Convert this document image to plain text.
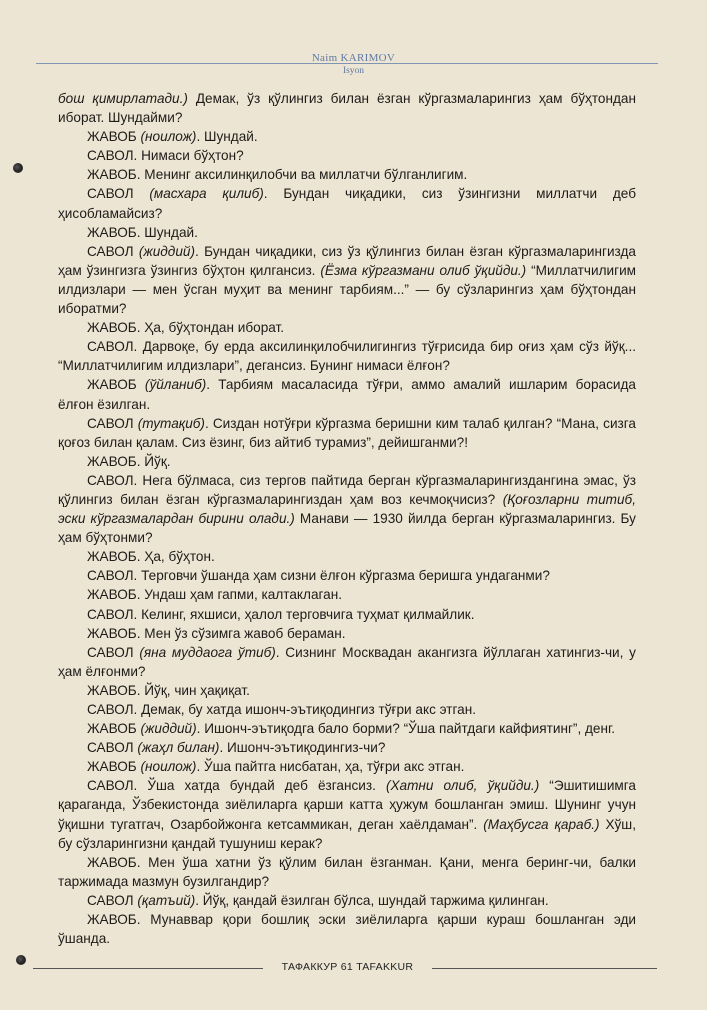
Naim KARIMOV
Isyon

бош қимирлатади.) Демак, ўз қўлингиз билан ёзган кўргазмаларингиз ҳам бўҳтондан иборат. Шундайми?

ЖАВОБ (ноилож). Шундай.

САВОЛ. Нимаси бўҳтон?

ЖАВОБ. Менинг аксилинқилобчи ва миллатчи бўлганлигим.

САВОЛ (масхара қилиб). Бундан чиқадики, сиз ўзингизни миллатчи деб ҳисобламайсиз?

ЖАВОБ. Шундай.

САВОЛ (жиддий). Бундан чиқадики, сиз ўз қўлингиз билан ёзган кўргазмаларингизда ҳам ўзингизга ўзингиз бўҳтон қилгансиз. (Ёзма кўргазмани олиб ўқийди.) “Миллатчилигим илдизлари — мен ўсган муҳит ва менинг тарбиям...” — бу сўзларингиз ҳам бўҳтондан иборатми?

ЖАВОБ. Ҳа, бўҳтондан иборат.

САВОЛ. Дарвоқе, бу ерда аксилинқилобчилигингиз тўғрисида бир оғиз ҳам сўз йўқ... “Миллатчилигим илдизлари”, дегансиз. Бунинг нимаси ёлғон?

ЖАВОБ (ўйланиб). Тарбиям масаласида тўғри, аммо амалий ишларим борасида ёлғон ёзилган.

САВОЛ (тутақиб). Сиздан нотўғри кўргазма беришни ким талаб қилган? “Мана, сизга қоғоз билан қалам. Сиз ёзинг, биз айтиб турамиз”, дейишганми?!

ЖАВОБ. Йўқ.

САВОЛ. Нега бўлмаса, сиз тергов пайтида берган кўргазмаларингиздангина эмас, ўз қўлингиз билан ёзган кўргазмаларингиздан ҳам воз кечмоқчисиз? (Қоғозларни титиб, эски кўргазмалардан бирини олади.) Манави — 1930 йилда берган кўргазмаларингиз. Бу ҳам бўҳтонми?

ЖАВОБ. Ҳа, бўҳтон.

САВОЛ. Терговчи ўшанда ҳам сизни ёлғон кўргазма беришга ундаганми?

ЖАВОБ. Ундаш ҳам гапми, калтаклаган.

САВОЛ. Келинг, яхшиси, ҳалол терговчига туҳмат қилмайлик.

ЖАВОБ. Мен ўз сўзимга жавоб бераман.

САВОЛ (яна муддаога ўтиб). Сизнинг Москвадан акангизга йўллаган хатингиз-чи, у ҳам ёлғонми?

ЖАВОБ. Йўқ, чин ҳақиқат.

САВОЛ. Демак, бу хатда ишонч-эътиқодингиз тўғри акс этган.

ЖАВОБ (жиддий). Ишонч-эътиқодга бало борми? “Ўша пайтдаги кайфиятинг”, денг.

САВОЛ (жаҳл билан). Ишонч-эътиқодингиз-чи?

ЖАВОБ (ноилож). Ўша пайтга нисбатан, ҳа, тўғри акс этган.

САВОЛ. Ўша хатда бундай деб ёзгансиз. (Хатни олиб, ўқийди.) “Эшитишимга қараганда, Ўзбекистонда зиёлиларга қарши катта ҳужум бошланган эмиш. Шунинг учун ўқишни тугатгач, Озарбойжонга кетсаммикан, деган хаёлдаман”. (Маҳбусга қараб.) Хўш, бу сўзларингизни қандай тушуниш керак?

ЖАВОБ. Мен ўша хатни ўз қўлим билан ёзганман. Қани, менга беринг-чи, балки таржимада мазмун бузилгандир?

САВОЛ (қатъий). Йўқ, қандай ёзилган бўлса, шундай таржима қилинган.

ЖАВОБ. Мунаввар қори бошлиқ эски зиёлиларга қарши кураш бошланган эди ўшанда.

ТАФАККУР 61 TAFAKKUR
